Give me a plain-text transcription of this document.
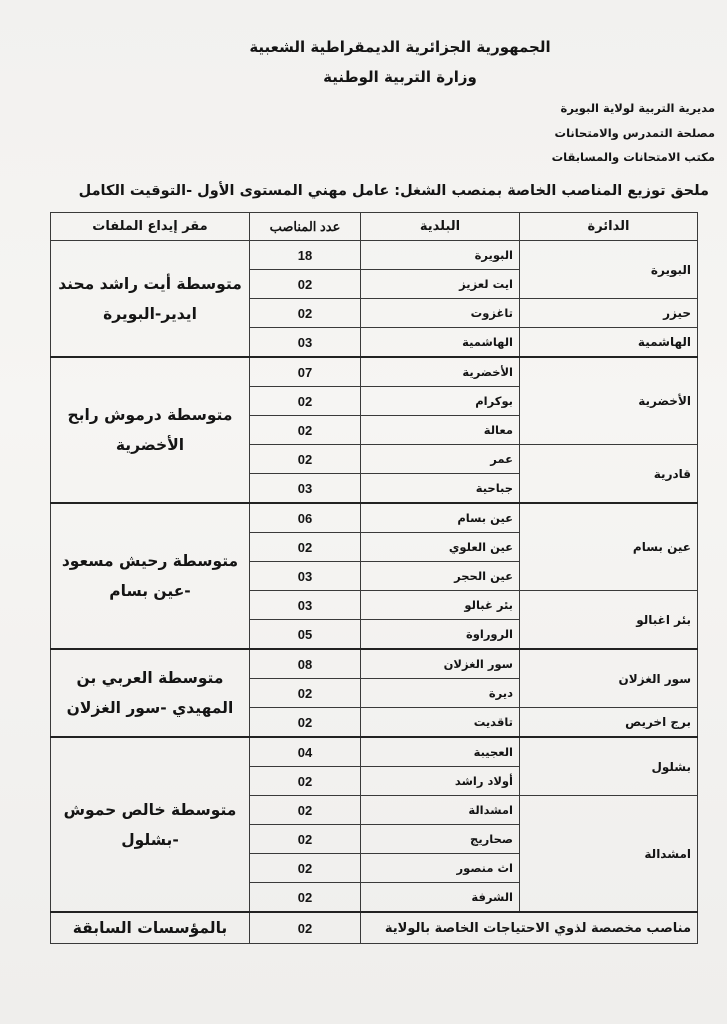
الجمهورية الجزائرية الديمقراطية الشعبية
وزارة التربية الوطنية
مديرية التربية لولاية البويرة
مصلحة التمدرس والامتحانات
مكتب الامتحانات والمسابقات
ملحق توزيع المناصب الخاصة بمنصب الشغل: عامل مهني المستوى الأول -التوقيت الكامل
الدائرة	البلدية	عدد المناصب	مقر إيداع الملفات
البويرة	البويرة	18	متوسطة أيت راشد محند ايدير-البويرة
	ايت لعزيز	02	
حيزر	تاغزوت	02	
الهاشمية	الهاشمية	03	
الأخضرية	الأخضرية	07	متوسطة درموش رابح الأخضرية
	بوكرام	02	
	معالة	02	
قادرية	عمر	02	
	جباحية	03	
عين بسام	عين بسام	06	متوسطة رحيش مسعود -عين بسام
	عين العلوي	02	
	عين الحجر	03	
بئر اغبالو	بئر غبالو	03	
	الروراوة	05	
سور الغزلان	سور الغزلان	08	متوسطة العربي بن المهيدي -سور الغزلان
	ديرة	02	
برج اخريص	تاقديت	02	
بشلول	العجيبة	04	متوسطة خالص حموش -بشلول
	أولاد راشد	02	
امشدالة	امشدالة	02	
	صحاريج	02	
	اث منصور	02	
	الشرفة	02	
مناصب مخصصة لذوي الاحتياجات الخاصة بالولاية		02	بالمؤسسات السابقة
